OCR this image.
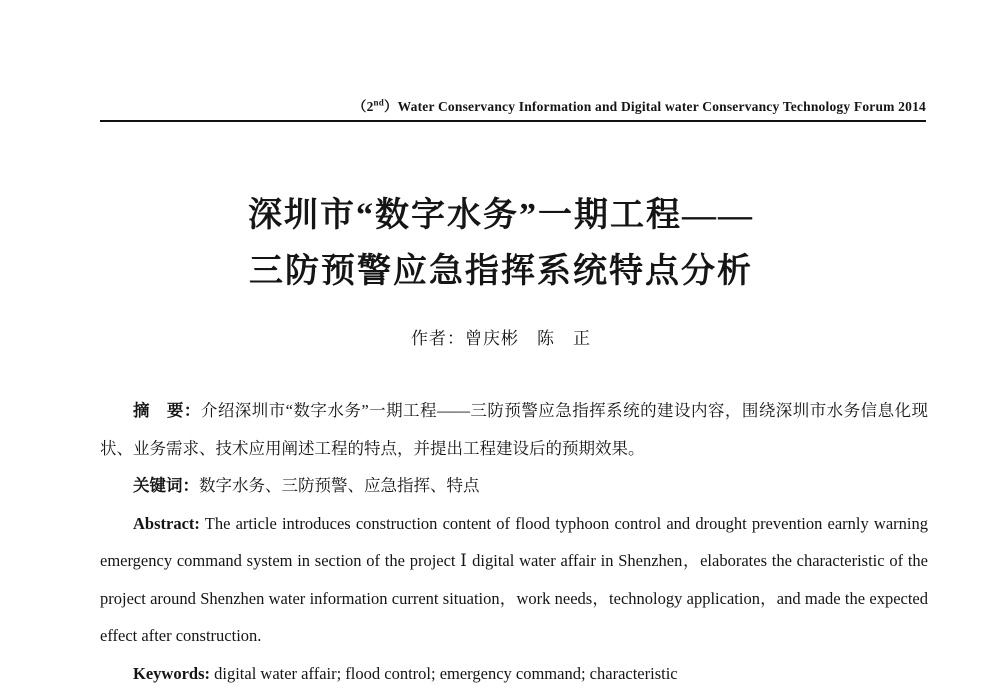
（2nd）Water Conservancy Information and Digital water Conservancy Technology Forum 2014
深圳市“数字水务”一期工程——
三防预警应急指挥系统特点分析
作者：曾庆彬　陈　正

摘　要：介绍深圳市“数字水务”一期工程——三防预警应急指挥系统的建设内容，围绕深圳市水务信息化现状、业务需求、技术应用阐述工程的特点，并提出工程建设后的预期效果。

关键词：数字水务、三防预警、应急指挥、特点

Abstract: The article introduces construction content of flood typhoon control and drought prevention earnly warning emergency command system in section of the project Ⅰ digital water affair in Shenzhen，elaborates the characteristic of the project around Shenzhen water information current situation，work needs，technology application，and made the expected effect after construction.

Keywords: digital water affair; flood control; emergency command; characteristic
